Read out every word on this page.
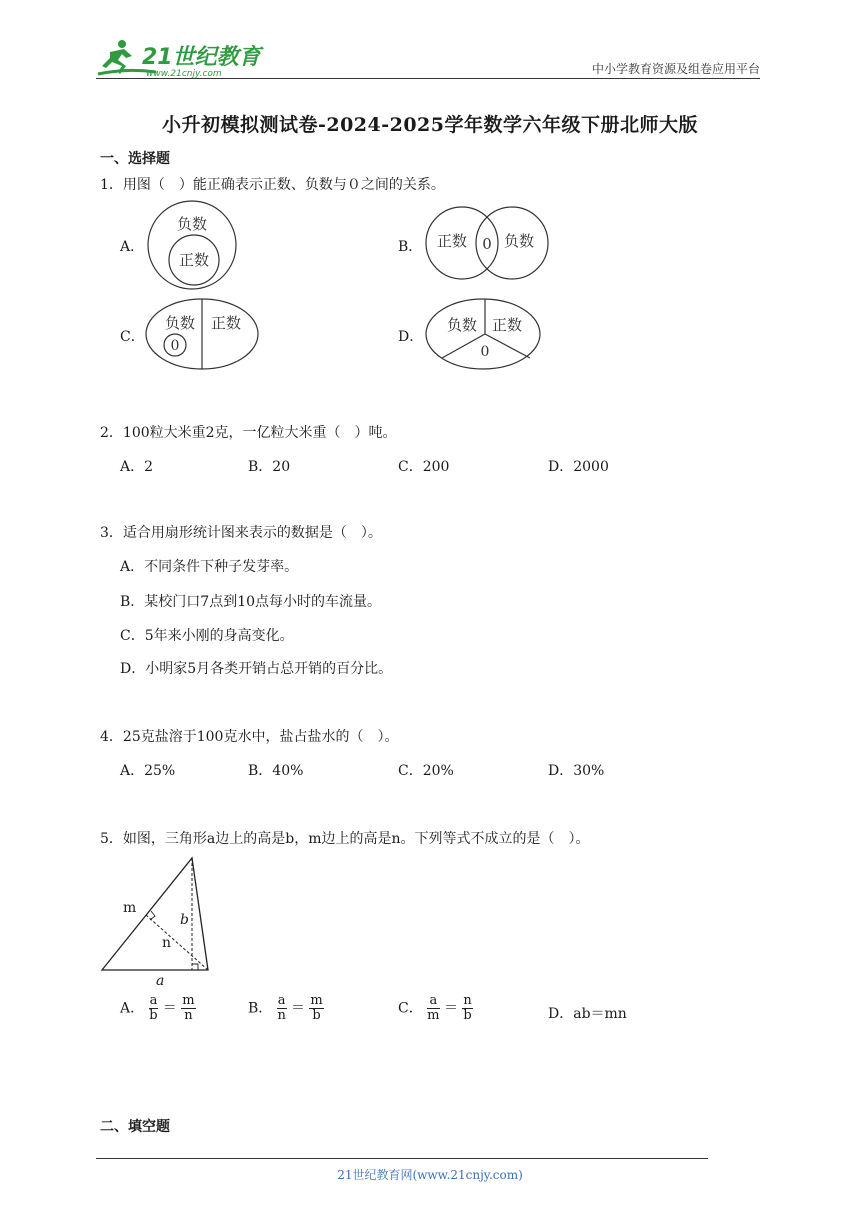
21世纪教育
www.21cnjy.com	中小学教育资源及组卷应用平台
小升初模拟测试卷-2024-2025学年数学六年级下册北师大版
一、选择题
1．用图（　）能正确表示正数、负数与０之间的关系。
A．
负数
正数
B． 正数 0 负数
C．
负数 正数
0
D．
负数 正数
0
2．100粒大米重2克，一亿粒大米重（　）吨。
A．2	B．20	C．200	D．2000
3．适合用扇形统计图来表示的数据是（　）。
A．不同条件下种子发芽率。
B．某校门口7点到10点每小时的车流量。
C．5年来小刚的身高变化。
D．小明家5月各类开销占总开销的百分比。
4．25克盐溶于100克水中，盐占盐水的（　）。
A．25%	B．40%	C．20%	D．30%
5．如图，三角形a边上的高是b，m边上的高是n。下列等式不成立的是（　）。
m
n
b
a
A． $\frac{a}{b} = \frac{m}{n}$	B． $\frac{a}{n} = \frac{m}{b}$	C． $\frac{a}{m} = \frac{n}{b}$	D．ab＝mn
二、填空题
21世纪教育网(www.21cnjy.com)
